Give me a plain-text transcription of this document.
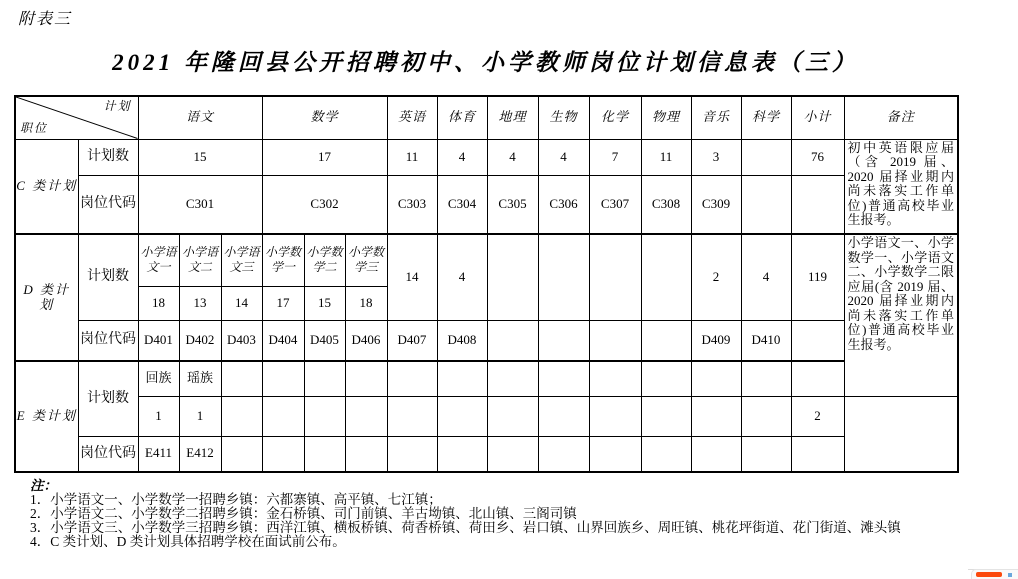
附表三
2021 年隆回县公开招聘初中、小学教师岗位计划信息表（三）
计划
职位		语文			数学			英语	体育	地理	生物	化学	物理	音乐	科学	小计	备注
C 类计划	计划数	15			17			11	4	4	4	7	11	3		76	初中英语限应届（含 2019 届、2020 届择业期内尚未落实工作单位)普通高校毕业生报考。
	岗位代码	C301			C302			C303	C304	C305	C306	C307	C308	C309			
D 类计划	计划数	小学语文一	小学语文二	小学语文三	小学数学一	小学数学二	小学数学三	14	4					2	4	119	小学语文一、小学数学一、小学语文二、小学数学二限应届(含 2019 届、2020 届择业期内尚未落实工作单位)普通高校毕业生报考。
		18	13	14	17	15	18										
	岗位代码	D401	D402	D403	D404	D405	D406	D407	D408					D409	D410		
E 类计划	计划数	回族	瑶族														
		1	1													2	
	岗位代码	E411	E412														
注：
1．小学语文一、小学数学一招聘乡镇：六都寨镇、高平镇、七江镇；
2．小学语文二、小学数学二招聘乡镇：金石桥镇、司门前镇、羊古坳镇、北山镇、三阁司镇
3．小学语文三、小学数学三招聘乡镇：西洋江镇、横板桥镇、荷香桥镇、荷田乡、岩口镇、山界回族乡、周旺镇、桃花坪街道、花门街道、滩头镇
4．C 类计划、D 类计划具体招聘学校在面试前公布。
